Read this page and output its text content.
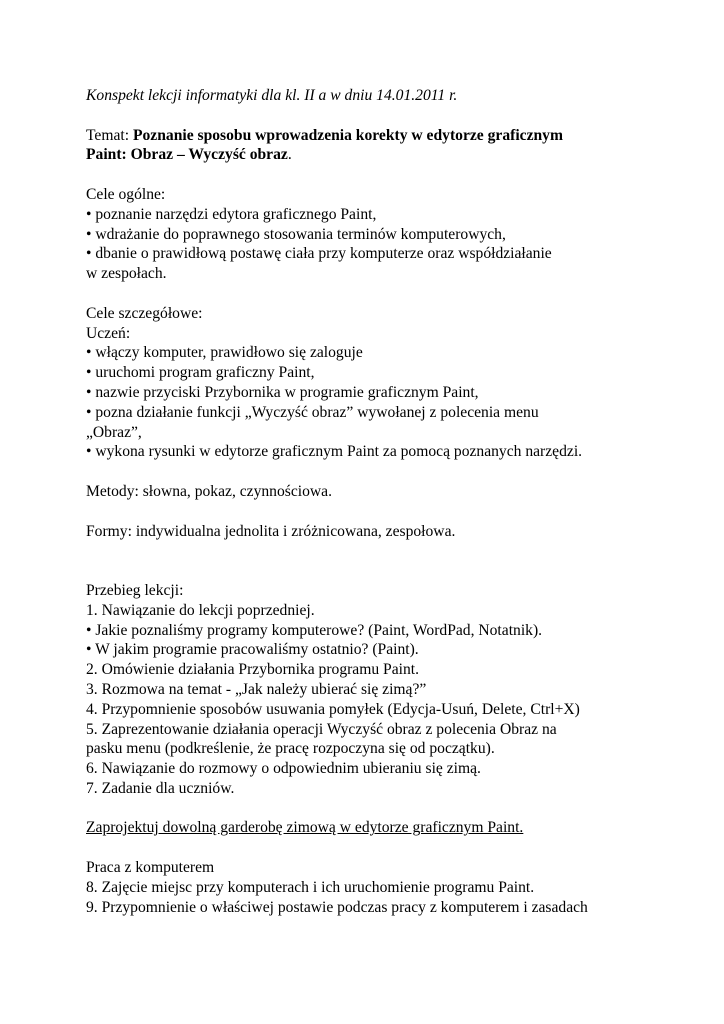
Konspekt lekcji informatyki dla kl. II a w dniu 14.01.2011 r.
Temat: Poznanie sposobu wprowadzenia korekty w edytorze graficznym
Paint: Obraz – Wyczyść obraz.
Cele ogólne:
• poznanie narzędzi edytora graficznego Paint,
• wdrażanie do poprawnego stosowania terminów komputerowych,
• dbanie o prawidłową postawę ciała przy komputerze oraz współdziałanie
w zespołach.
Cele szczegółowe:
Uczeń:
• włączy komputer, prawidłowo się zaloguje
• uruchomi program graficzny Paint,
• nazwie przyciski Przybornika w programie graficznym Paint,
• pozna działanie funkcji „Wyczyść obraz” wywołanej z polecenia menu
„Obraz”,
• wykona rysunki w edytorze graficznym Paint za pomocą poznanych narzędzi.
Metody: słowna, pokaz, czynnościowa.
Formy: indywidualna jednolita i zróżnicowana, zespołowa.
Przebieg lekcji:
1. Nawiązanie do lekcji poprzedniej.
• Jakie poznaliśmy programy komputerowe? (Paint, WordPad, Notatnik).
• W jakim programie pracowaliśmy ostatnio? (Paint).
2. Omówienie działania Przybornika programu Paint.
3. Rozmowa na temat - „Jak należy ubierać się zimą?”
4. Przypomnienie sposobów usuwania pomyłek (Edycja-Usuń, Delete, Ctrl+X)
5. Zaprezentowanie działania operacji Wyczyść obraz z polecenia Obraz na
pasku menu (podkreślenie, że pracę rozpoczyna się od początku).
6. Nawiązanie do rozmowy o odpowiednim ubieraniu się zimą.
7. Zadanie dla uczniów.
Zaprojektuj dowolną garderobę zimową w edytorze graficznym Paint.
Praca z komputerem
8. Zajęcie miejsc przy komputerach i ich uruchomienie programu Paint.
9. Przypomnienie o właściwej postawie podczas pracy z komputerem i zasadach
